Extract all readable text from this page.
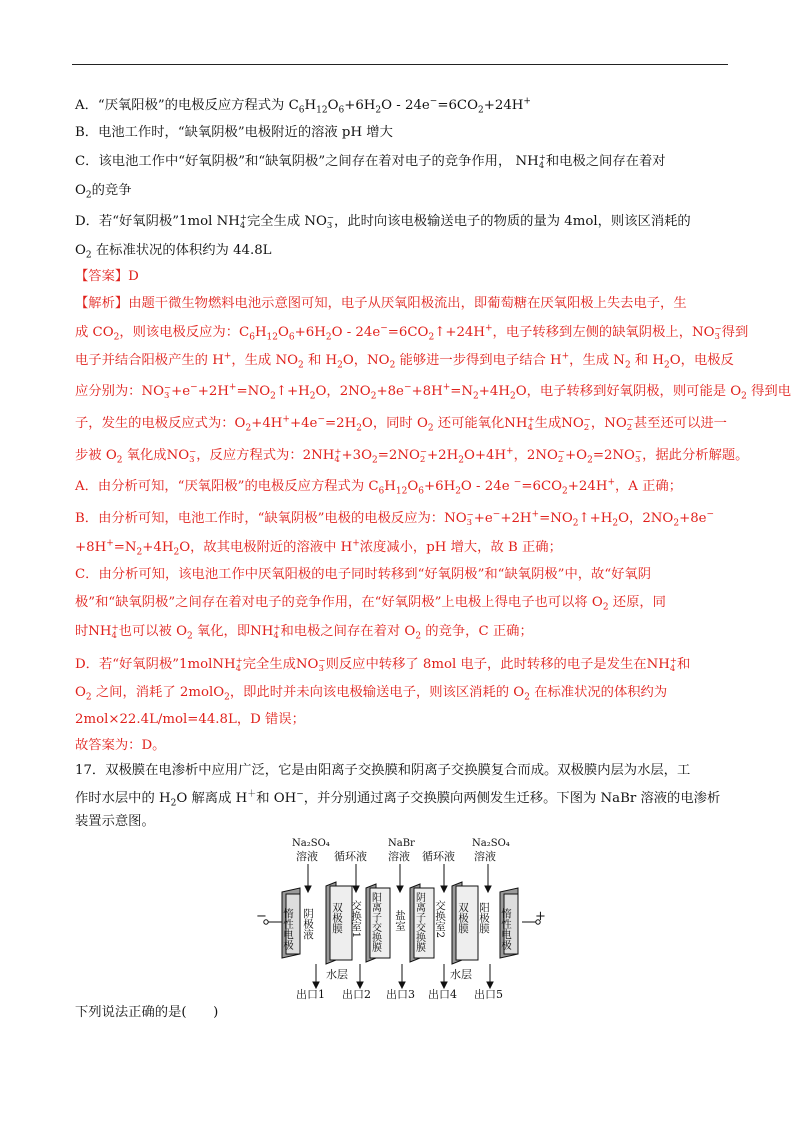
A．“厌氧阳极”的电极反应方程式为 $C_6H_{12}O_6+6H_2O - 24e^-=6CO_2+24H^+$
B．电池工作时，“缺氧阴极”电极附近的溶液 pH 增大
C．该电池工作中“好氧阴极”和“缺氧阴极”之间存在着对电子的竞争作用， NH +
4 和电极之间存在着对
$O_2$的竞争
D．若“好氧阴极”1mol NH +
4 完全生成 NO −
3 ，此时向该电极输送电子的物质的量为 4mol，则该区消耗的
$O_2$ 在标准状况的体积约为 44.8L
【答案】D
【解析】由题干微生物燃料电池示意图可知，电子从厌氧阳极流出，即葡萄糖在厌氧阳极上失去电子，生
成 $CO_2$，则该电极反应为：$C_6H_{12}O_6+6H_2O$ - $24e^-=6CO_2↑+24H^+$，电子转移到左侧的缺氧阴极上，NO −
3 得到
电子并结合阳极产生的 H+，生成 $NO_2$ 和 $H_2O$，$NO_2$ 能够进一步得到电子结合 H+，生成 $N_2$ 和 $H_2O$，电极反
应分别为：NO −
$3 +e^-+2H^+=NO_2↑+H_2O$，$2NO_2+8e^-+8H^+=N_2+4H_2O$，电子转移到好氧阴极，则可能是 $O_2$ 得到电
子，发生的电极反应式为：$O_2+4H^++4e^-=2H_2O$，同时 $O_2$ 还可能氧化NH +
4 生成NO −
2 ，NO −
2 甚至还可以进一
步被 $O_2$ 氧化成NO −
3 ，反应方程式为：2NH +
$4 +3O_2=2NO$ −
$2 +2H_2O+4H^+$，2NO −
$2 +O_2=2NO$ −
3 ，据此分析解题。
A．由分析可知，“厌氧阳极”的电极反应方程式为 $C_6H_{12}O_6+6H_2O - 24e$ $^-=6CO_2+24H^+$，A 正确；
B．由分析可知，电池工作时，“缺氧阴极”电极的电极反应为：NO −
$3 +e^-+2H^+=NO_2↑+H_2O$，$2NO_2+8e^-$
$+8H^+=N_2+4H_2O$，故其电极附近的溶液中 H+浓度减小，pH 增大，故 B 正确；
C．由分析可知，该电池工作中厌氧阳极的电子同时转移到“好氧阴极”和“缺氧阴极”中，故“好氧阴
极”和“缺氧阴极”之间存在着对电子的竞争作用，在“好氧阴极”上电极上得电子也可以将 $O_2$ 还原，同
时NH +
4 也可以被 $O_2$ 氧化，即NH +
4 和电极之间存在着对 $O_2$ 的竞争，C 正确；
D．若“好氧阴极”1molNH +
4 完全生成NO −
3 则反应中转移了 8mol 电子，此时转移的电子是发生在NH +
4 和
$O_2$ 之间，消耗了 2molO$_2$，即此时并未向该电极输送电子，则该区消耗的 $O_2$ 在标准状况的体积约为
2mol×22.4L/mol=44.8L，D 错误；
故答案为：D。
17．双极膜在电渗析中应用广泛，它是由阳离子交换膜和阴离子交换膜复合而成。双极膜内层为水层，工
作时水层中的 $H_2O$ 解离成 H＋和 OH−，并分别通过离子交换膜向两侧发生迁移。下图为 NaBr 溶液的电渗析
装置示意图。
Na₂SO₄
溶液 循环液
NaBr
溶液 循环液
Na₂SO₄
溶液
−	+
惰性电极 阴极液 双极膜 交换室1 阳离子交换膜 盐室 阴离子交换膜 交换室2 双极膜 阳极膜 惰性电极
水层	水层
出口1 出口2 出口3 出口4 出口5
下列说法正确的是(　　)
